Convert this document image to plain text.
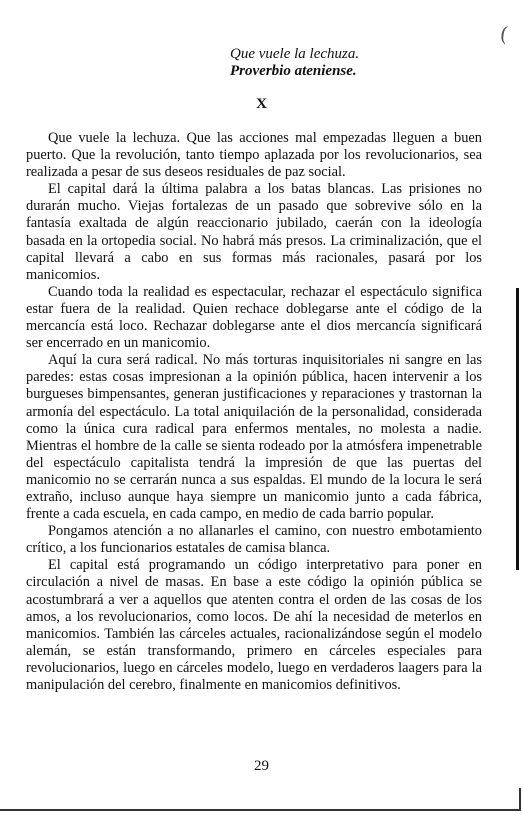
(
Que vuele la lechuza.
Proverbio ateniense.
X

Que vuele la lechuza. Que las acciones mal empezadas lleguen a buen puerto. Que la revolución, tanto tiempo aplazada por los revolucionarios, sea realizada a pesar de sus deseos residuales de paz social.

El capital dará la última palabra a los batas blancas. Las prisiones no durarán mucho. Viejas fortalezas de un pasado que sobrevive sólo en la fantasía exaltada de algún reaccionario jubilado, caerán con la ideología basada en la ortopedia social. No habrá más presos. La criminalización, que el capital llevará a cabo en sus formas más racionales, pasará por los manicomios.

Cuando toda la realidad es espectacular, rechazar el espectáculo significa estar fuera de la realidad. Quien rechace doblegarse ante el código de la mercancía está loco. Rechazar doblegarse ante el dios mercancía significará ser encerrado en un manicomio.

Aquí la cura será radical. No más torturas inquisitoriales ni sangre en las paredes: estas cosas impresionan a la opinión pública, hacen intervenir a los burgueses bimpensantes, generan justificaciones y reparaciones y trastornan la armonía del espectáculo. La total aniquilación de la personalidad, considerada como la única cura radical para enfermos mentales, no molesta a nadie. Mientras el hombre de la calle se sienta rodeado por la atmósfera impenetrable del espectáculo capitalista tendrá la impresión de que las puertas del manicomio no se cerrarán nunca a sus espaldas. El mundo de la locura le será extraño, incluso aunque haya siempre un manicomio junto a cada fábrica, frente a cada escuela, en cada campo, en medio de cada barrio popular.

Pongamos atención a no allanarles el camino, con nuestro embotamiento crítico, a los funcionarios estatales de camisa blanca.

El capital está programando un código interpretativo para poner en circulación a nivel de masas. En base a este código la opinión pública se acostumbrará a ver a aquellos que atenten contra el orden de las cosas de los amos, a los revolucionarios, como locos. De ahí la necesidad de meterlos en manicomios. También las cárceles actuales, racionalizándose según el modelo alemán, se están transformando, primero en cárceles especiales para revolucionarios, luego en cárceles modelo, luego en verdaderos laagers para la manipulación del cerebro, finalmente en manicomios definitivos.

29
